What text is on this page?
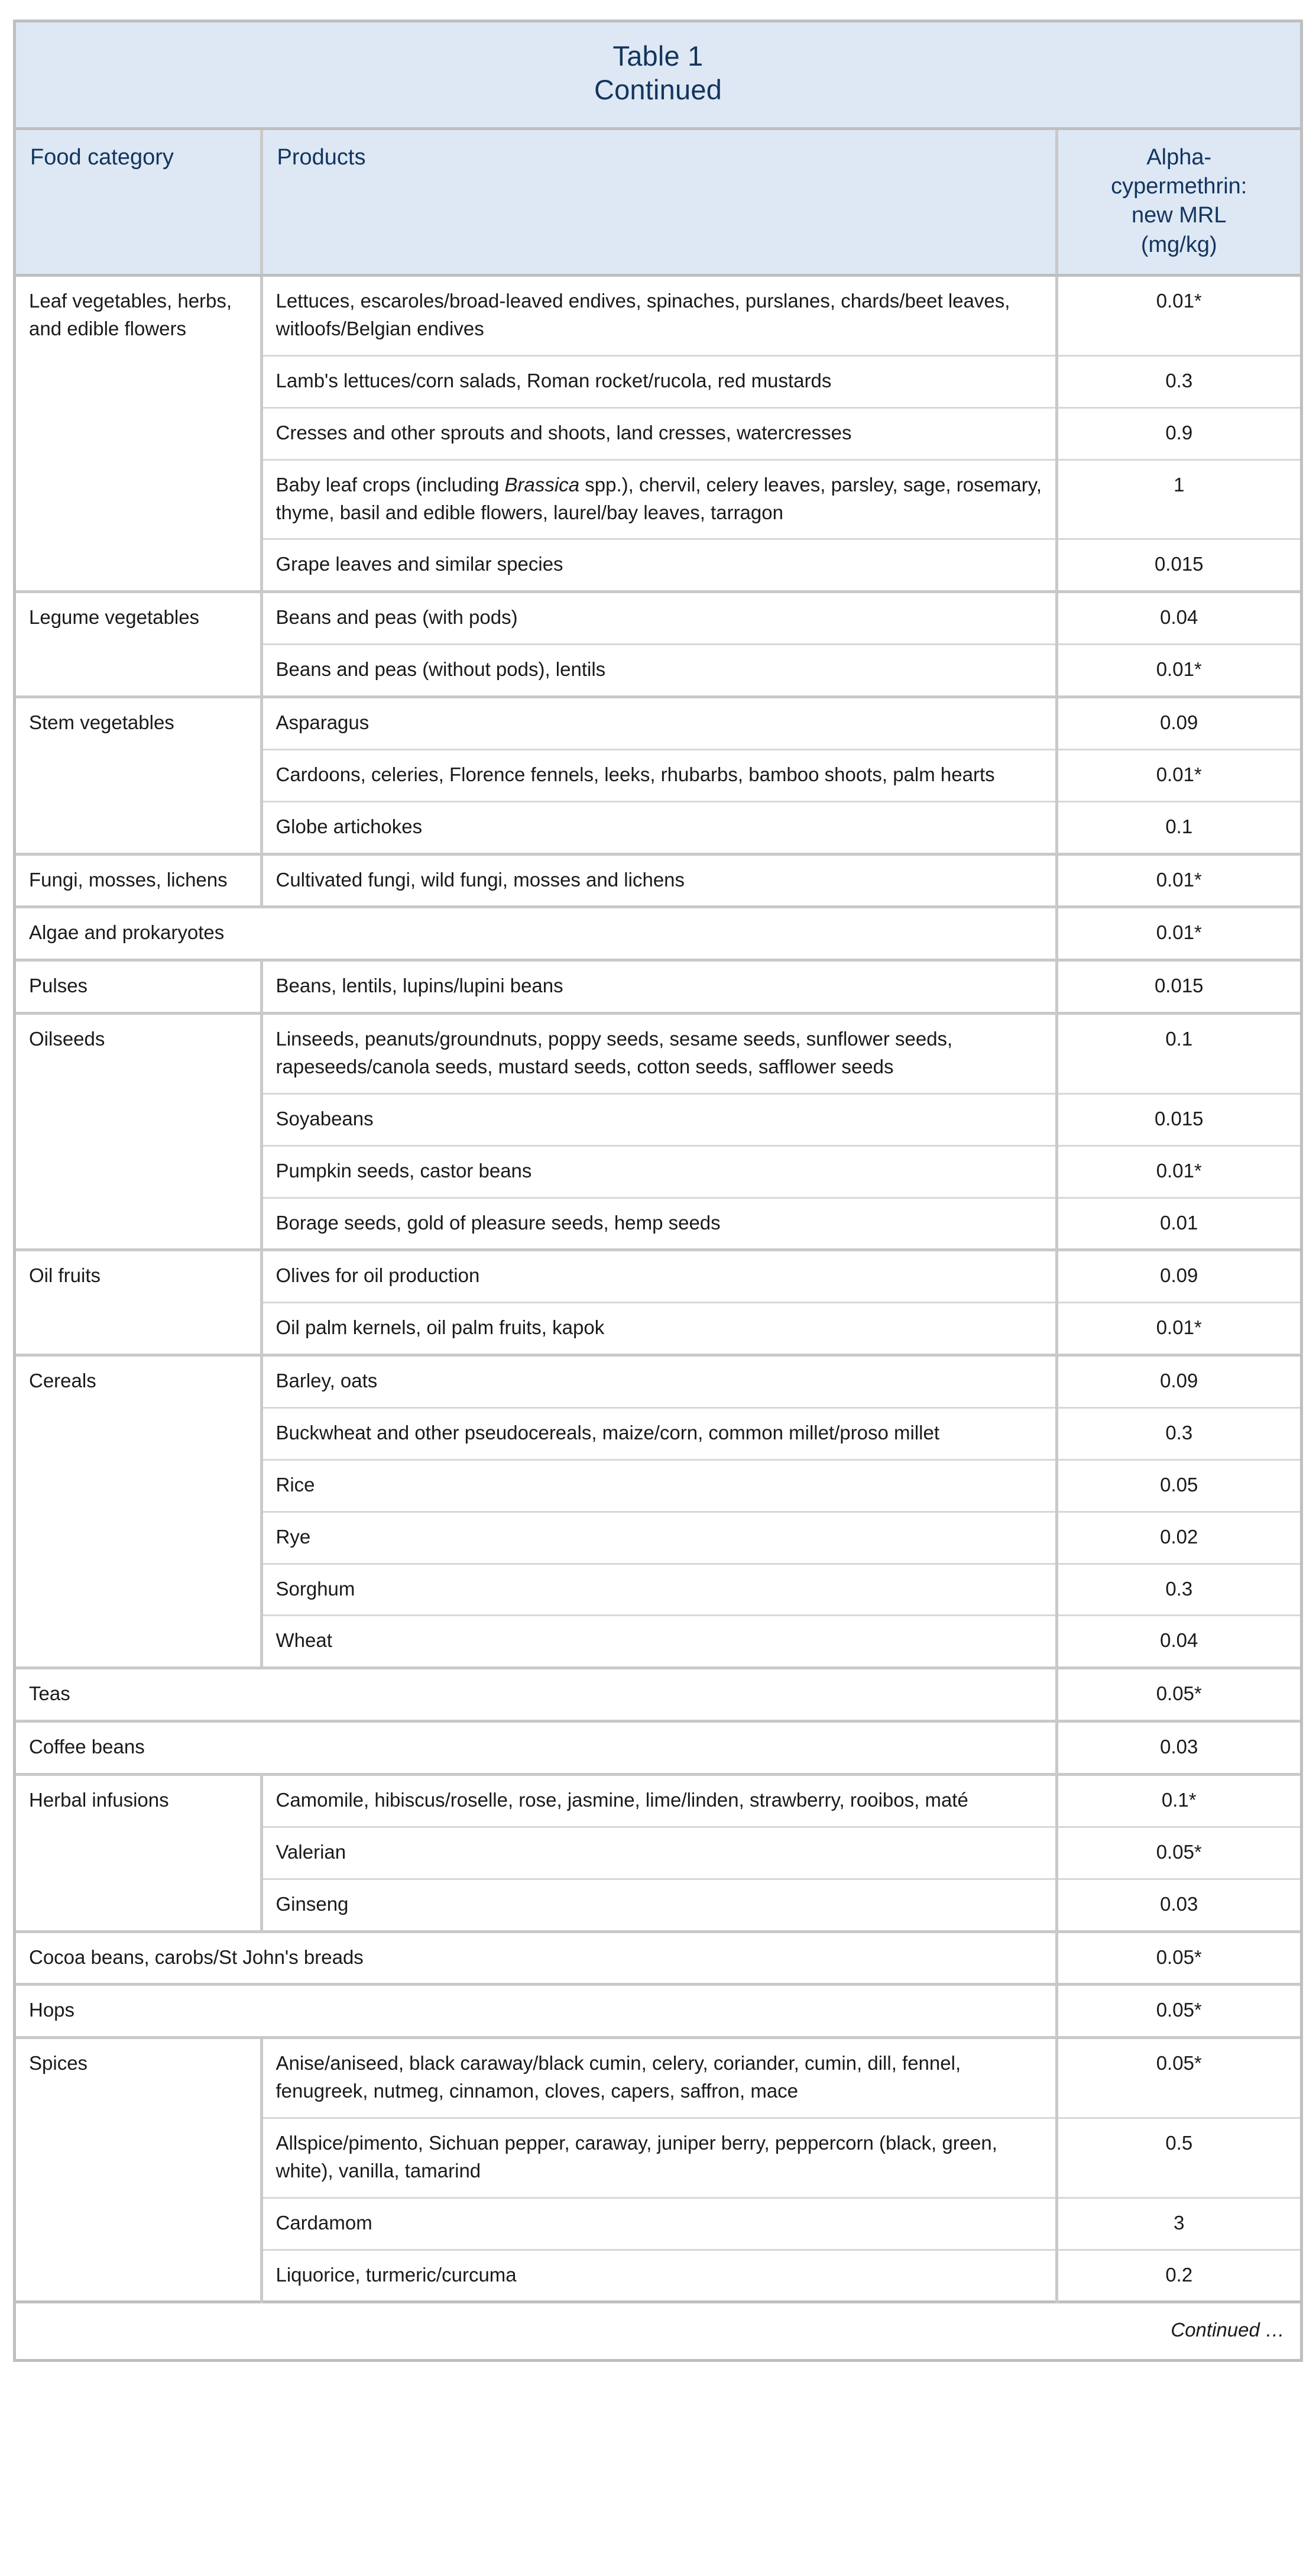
Table 1
Continued		

Food category	Products	Alpha-
cypermethrin:
new MRL
(mg/kg)
Leaf vegetables, herbs, and edible flowers	Lettuces, escaroles/broad-leaved endives, spinaches, purslanes, chards/beet leaves, witloofs/Belgian endives	0.01*
	Lamb's lettuces/corn salads, Roman rocket/rucola, red mustards	0.3
	Cresses and other sprouts and shoots, land cresses, watercresses	0.9
	Baby leaf crops (including Brassica spp.), chervil, celery leaves, parsley, sage, rosemary, thyme, basil and edible flowers, laurel/bay leaves, tarragon	1
	Grape leaves and similar species	0.015
Legume vegetables	Beans and peas (with pods)	0.04
	Beans and peas (without pods), lentils	0.01*
Stem vegetables	Asparagus	0.09
	Cardoons, celeries, Florence fennels, leeks, rhubarbs, bamboo shoots, palm hearts	0.01*
	Globe artichokes	0.1
Fungi, mosses, lichens	Cultivated fungi, wild fungi, mosses and lichens	0.01*
Algae and prokaryotes		0.01*
Pulses	Beans, lentils, lupins/lupini beans	0.015
Oilseeds	Linseeds, peanuts/groundnuts, poppy seeds, sesame seeds, sunflower seeds, rapeseeds/canola seeds, mustard seeds, cotton seeds, safflower seeds	0.1
	Soyabeans	0.015
	Pumpkin seeds, castor beans	0.01*
	Borage seeds, gold of pleasure seeds, hemp seeds	0.01
Oil fruits	Olives for oil production	0.09
	Oil palm kernels, oil palm fruits, kapok	0.01*
Cereals	Barley, oats	0.09
	Buckwheat and other pseudocereals, maize/corn, common millet/proso millet	0.3
	Rice	0.05
	Rye	0.02
	Sorghum	0.3
	Wheat	0.04
Teas		0.05*
Coffee beans		0.03
Herbal infusions	Camomile, hibiscus/roselle, rose, jasmine, lime/linden, strawberry, rooibos, maté	0.1*
	Valerian	0.05*
	Ginseng	0.03
Cocoa beans, carobs/St John's breads		0.05*
Hops		0.05*
Spices	Anise/aniseed, black caraway/black cumin, celery, coriander, cumin, dill, fennel, fenugreek, nutmeg, cinnamon, cloves, capers, saffron, mace	0.05*
	Allspice/pimento, Sichuan pepper, caraway, juniper berry, peppercorn (black, green, white), vanilla, tamarind	0.5
	Cardamom	3
	Liquorice, turmeric/curcuma	0.2
Continued …		
